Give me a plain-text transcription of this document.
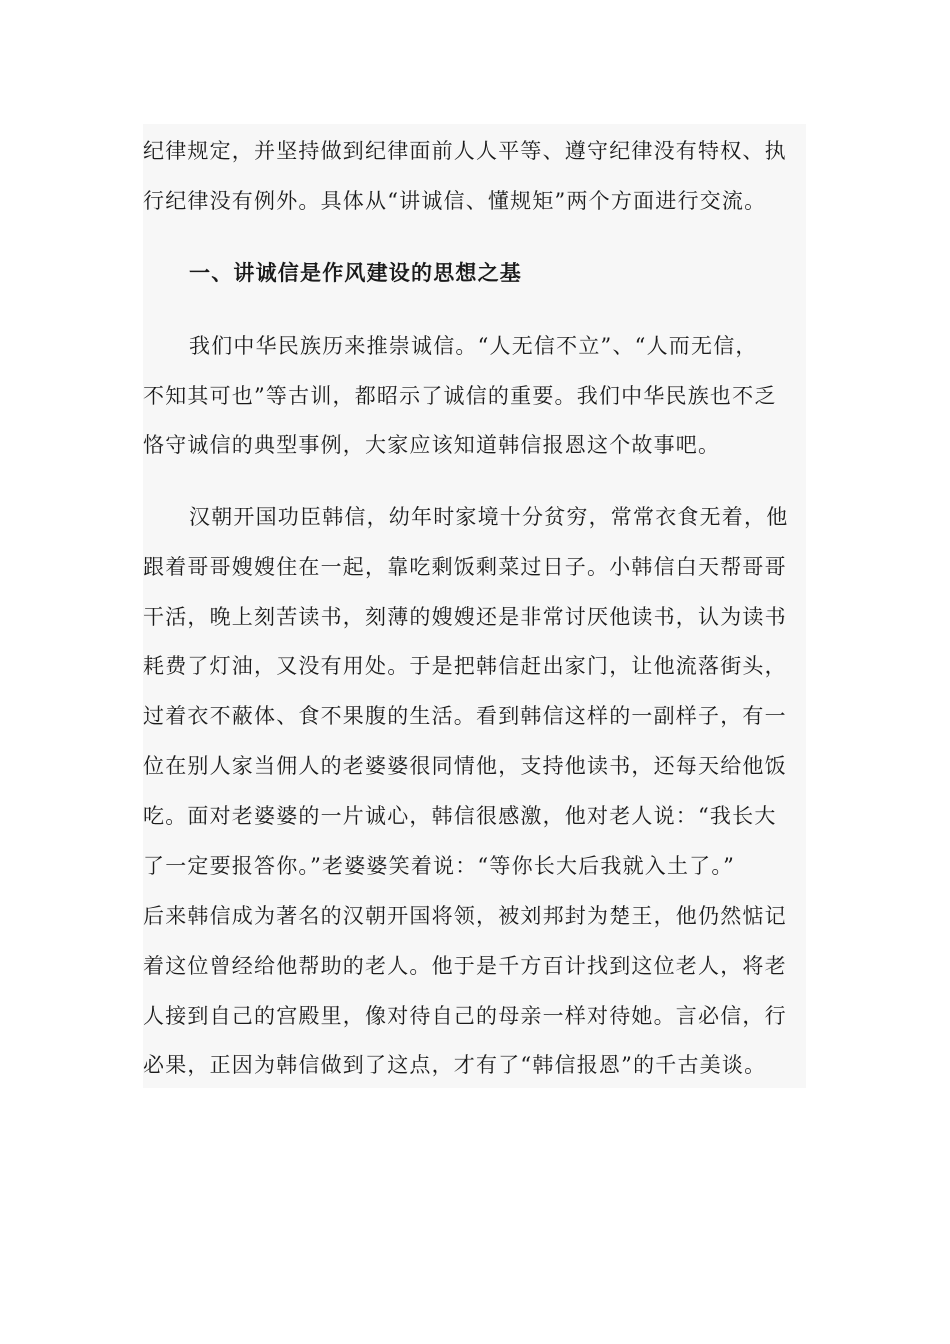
纪律规定，并坚持做到纪律面前人人平等、遵守纪律没有特权、执
行纪律没有例外。具体从“讲诚信、懂规矩”两个方面进行交流。
一、讲诚信是作风建设的思想之基
我们中华民族历来推崇诚信。“人无信不立”、“人而无信，
不知其可也”等古训，都昭示了诚信的重要。我们中华民族也不乏
恪守诚信的典型事例，大家应该知道韩信报恩这个故事吧。
汉朝开国功臣韩信，幼年时家境十分贫穷，常常衣食无着，他
跟着哥哥嫂嫂住在一起，靠吃剩饭剩菜过日子。小韩信白天帮哥哥
干活，晚上刻苦读书，刻薄的嫂嫂还是非常讨厌他读书，认为读书
耗费了灯油，又没有用处。于是把韩信赶出家门，让他流落街头，
过着衣不蔽体、食不果腹的生活。看到韩信这样的一副样子，有一
位在别人家当佣人的老婆婆很同情他，支持他读书，还每天给他饭
吃。面对老婆婆的一片诚心，韩信很感激，他对老人说：“我长大
了一定要报答你。”老婆婆笑着说：“等你长大后我就入土了。”
后来韩信成为著名的汉朝开国将领，被刘邦封为楚王，他仍然惦记
着这位曾经给他帮助的老人。他于是千方百计找到这位老人，将老
人接到自己的宫殿里，像对待自己的母亲一样对待她。言必信，行
必果，正因为韩信做到了这点，才有了“韩信报恩”的千古美谈。
